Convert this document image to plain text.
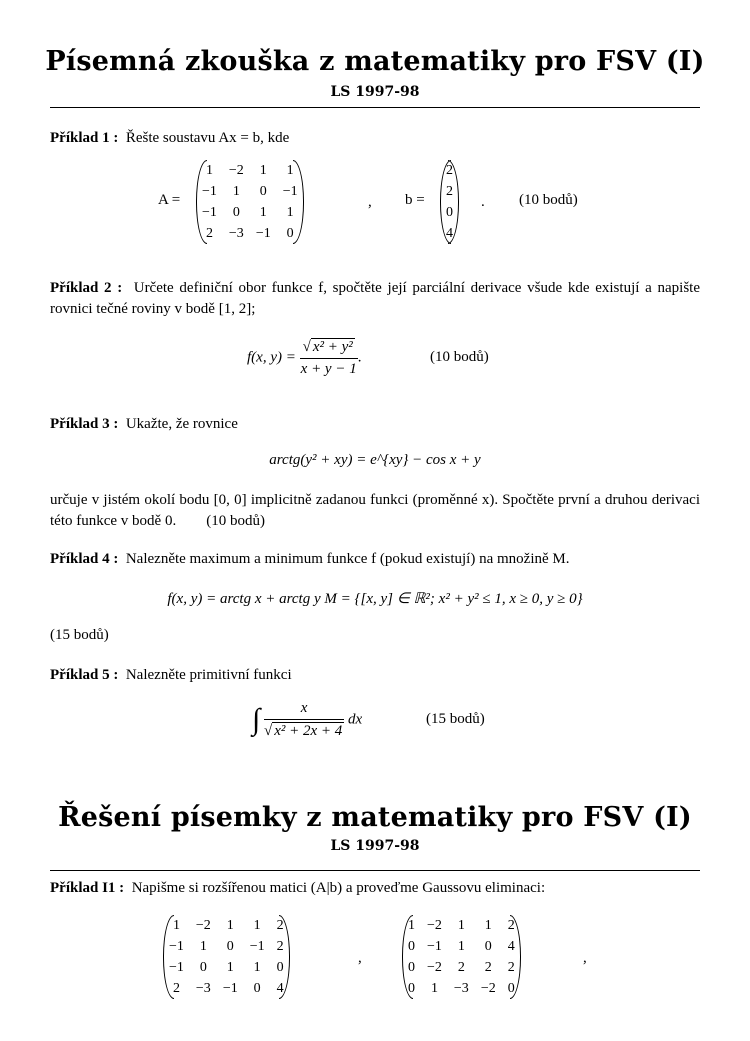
Písemná zkouška z matematiky pro FSV (I)
LS 1997-98
Příklad 1 : Řešte soustavu Ax = b, kde
A =
1	−2	1	1
−1	1	0	−1
−1	0	1	1
2	−3	−1	0
, b =
2
2
0
4
. (10 bodů)
Příklad 2 : Určete definiční obor funkce f, spočtěte její parciální derivace všude kde existují a napište rovnici tečné roviny v bodě [1, 2];
f(x, $y) = \frac{\text{√ x² + y²}}{x + y - 1}$ .	(10 bodů)
Příklad 3 : Ukažte, že rovnice
arctg(y² + xy) = e^{xy} − cos x + y
určuje v jistém okolí bodu [0, 0] implicitně zadanou funkci (proměnné x). Spočtěte první a druhou derivaci této funkce v bodě 0. (10 bodů)
Příklad 4 : Nalezněte maximum a minimum funkce f (pokud existují) na množině M.
f(x, y) = arctg x + arctg y M = {[x, y] ∈ ℝ²; x² + y² ≤ 1, x ≥ 0, y ≥ 0}
(15 bodů)
Příklad 5 : Nalezněte primitivní funkci
∫ $\frac{x}{\text{√ x² + 2x + 4}}$ dx	(15 bodů)
Řešení písemky z matematiky pro FSV (I)
LS 1997-98
Příklad I1 : Napišme si rozšířenou matici (A|b) a proveďme Gaussovu eliminaci:
1	−2	1	1	2
−1	1	0	−1	2
−1	0	1	1	0
2	−3	−1	0	4
,
1	−2	1	1	2
0	−1	1	0	4
0	−2	2	2	2
0	1	−3	−2	0
,
